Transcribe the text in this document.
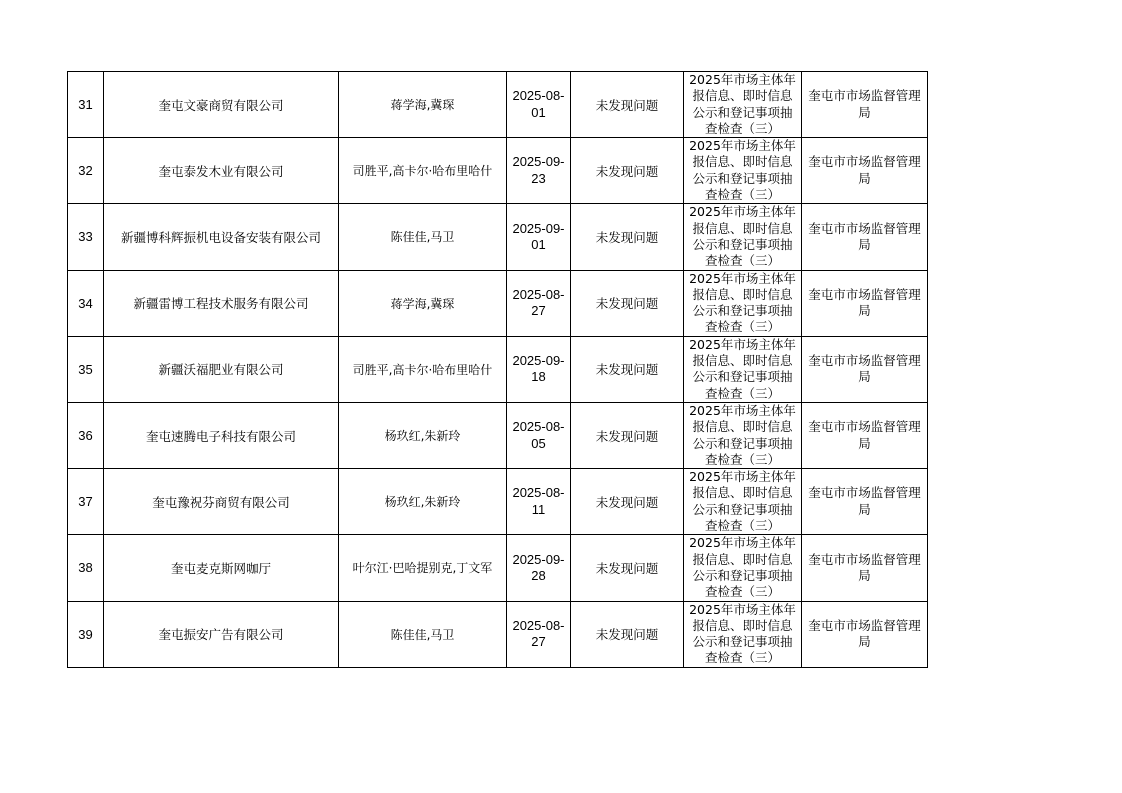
31	奎屯文豪商贸有限公司	蒋学海,冀琛	2025-08-01	未发现问题	2025年市场主体年报信息、即时信息公示和登记事项抽查检查（三）	奎屯市市场监督管理局
32	奎屯泰发木业有限公司	司胜平,高卡尔·哈布里哈什	2025-09-23	未发现问题	2025年市场主体年报信息、即时信息公示和登记事项抽查检查（三）	奎屯市市场监督管理局
33	新疆博科辉振机电设备安装有限公司	陈佳佳,马卫	2025-09-01	未发现问题	2025年市场主体年报信息、即时信息公示和登记事项抽查检查（三）	奎屯市市场监督管理局
34	新疆雷博工程技术服务有限公司	蒋学海,冀琛	2025-08-27	未发现问题	2025年市场主体年报信息、即时信息公示和登记事项抽查检查（三）	奎屯市市场监督管理局
35	新疆沃福肥业有限公司	司胜平,高卡尔·哈布里哈什	2025-09-18	未发现问题	2025年市场主体年报信息、即时信息公示和登记事项抽查检查（三）	奎屯市市场监督管理局
36	奎屯速腾电子科技有限公司	杨玖红,朱新玲	2025-08-05	未发现问题	2025年市场主体年报信息、即时信息公示和登记事项抽查检查（三）	奎屯市市场监督管理局
37	奎屯豫祝芬商贸有限公司	杨玖红,朱新玲	2025-08-11	未发现问题	2025年市场主体年报信息、即时信息公示和登记事项抽查检查（三）	奎屯市市场监督管理局
38	奎屯麦克斯网咖厅	叶尔江·巴哈提别克,丁文军	2025-09-28	未发现问题	2025年市场主体年报信息、即时信息公示和登记事项抽查检查（三）	奎屯市市场监督管理局
39	奎屯振安广告有限公司	陈佳佳,马卫	2025-08-27	未发现问题	2025年市场主体年报信息、即时信息公示和登记事项抽查检查（三）	奎屯市市场监督管理局
